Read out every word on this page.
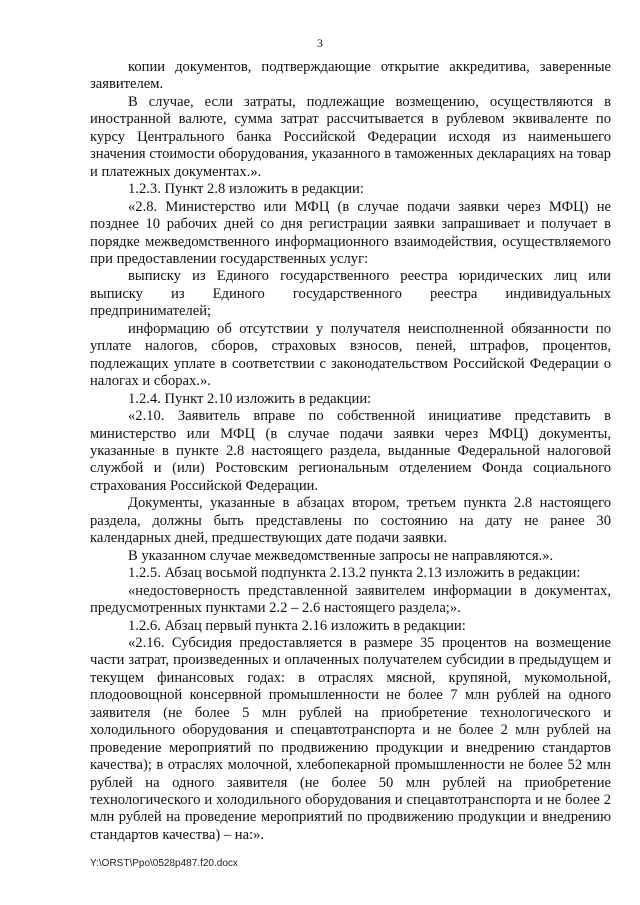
3

копии документов, подтверждающие открытие аккредитива, заверенные заявителем.

В случае, если затраты, подлежащие возмещению, осуществляются в иностранной валюте, сумма затрат рассчитывается в рублевом эквиваленте по курсу Центрального банка Российской Федерации исходя из наименьшего значения стоимости оборудования, указанного в таможенных декларациях на товар и платежных документах.».

1.2.3. Пункт 2.8 изложить в редакции:

«2.8. Министерство или МФЦ (в случае подачи заявки через МФЦ) не позднее 10 рабочих дней со дня регистрации заявки запрашивает и получает в порядке межведомственного информационного взаимодействия, осуществляемого при предоставлении государственных услуг:

выписку из Единого государственного реестра юридических лиц или выписку из Единого государственного реестра индивидуальных предпринимателей;

информацию об отсутствии у получателя неисполненной обязанности по уплате налогов, сборов, страховых взносов, пеней, штрафов, процентов, подлежащих уплате в соответствии с законодательством Российской Федерации о налогах и сборах.».

1.2.4. Пункт 2.10 изложить в редакции:

«2.10. Заявитель вправе по собственной инициативе представить в министерство или МФЦ (в случае подачи заявки через МФЦ) документы, указанные в пункте 2.8 настоящего раздела, выданные Федеральной налоговой службой и (или) Ростовским региональным отделением Фонда социального страхования Российской Федерации.

Документы, указанные в абзацах втором, третьем пункта 2.8 настоящего раздела, должны быть представлены по состоянию на дату не ранее 30 календарных дней, предшествующих дате подачи заявки.

В указанном случае межведомственные запросы не направляются.».

1.2.5. Абзац восьмой подпункта 2.13.2 пункта 2.13 изложить в редакции:

«недостоверность представленной заявителем информации в документах, предусмотренных пунктами 2.2 – 2.6 настоящего раздела;».

1.2.6. Абзац первый пункта 2.16 изложить в редакции:

«2.16. Субсидия предоставляется в размере 35 процентов на возмещение части затрат, произведенных и оплаченных получателем субсидии в предыдущем и текущем финансовых годах: в отраслях мясной, крупяной, мукомольной, плодоовощной консервной промышленности не более 7 млн рублей на одного заявителя (не более 5 млн рублей на приобретение технологического и холодильного оборудования и спецавтотранспорта и не более 2 млн рублей на проведение мероприятий по продвижению продукции и внедрению стандартов качества); в отраслях молочной, хлебопекарной промышленности не более 52 млн рублей на одного заявителя (не более 50 млн рублей на приобретение технологического и холодильного оборудования и спецавтотранспорта и не более 2 млн рублей на проведение мероприятий по продвижению продукции и внедрению стандартов качества) – на:».

Y:\ORST\Ppo\0528p487.f20.docx
